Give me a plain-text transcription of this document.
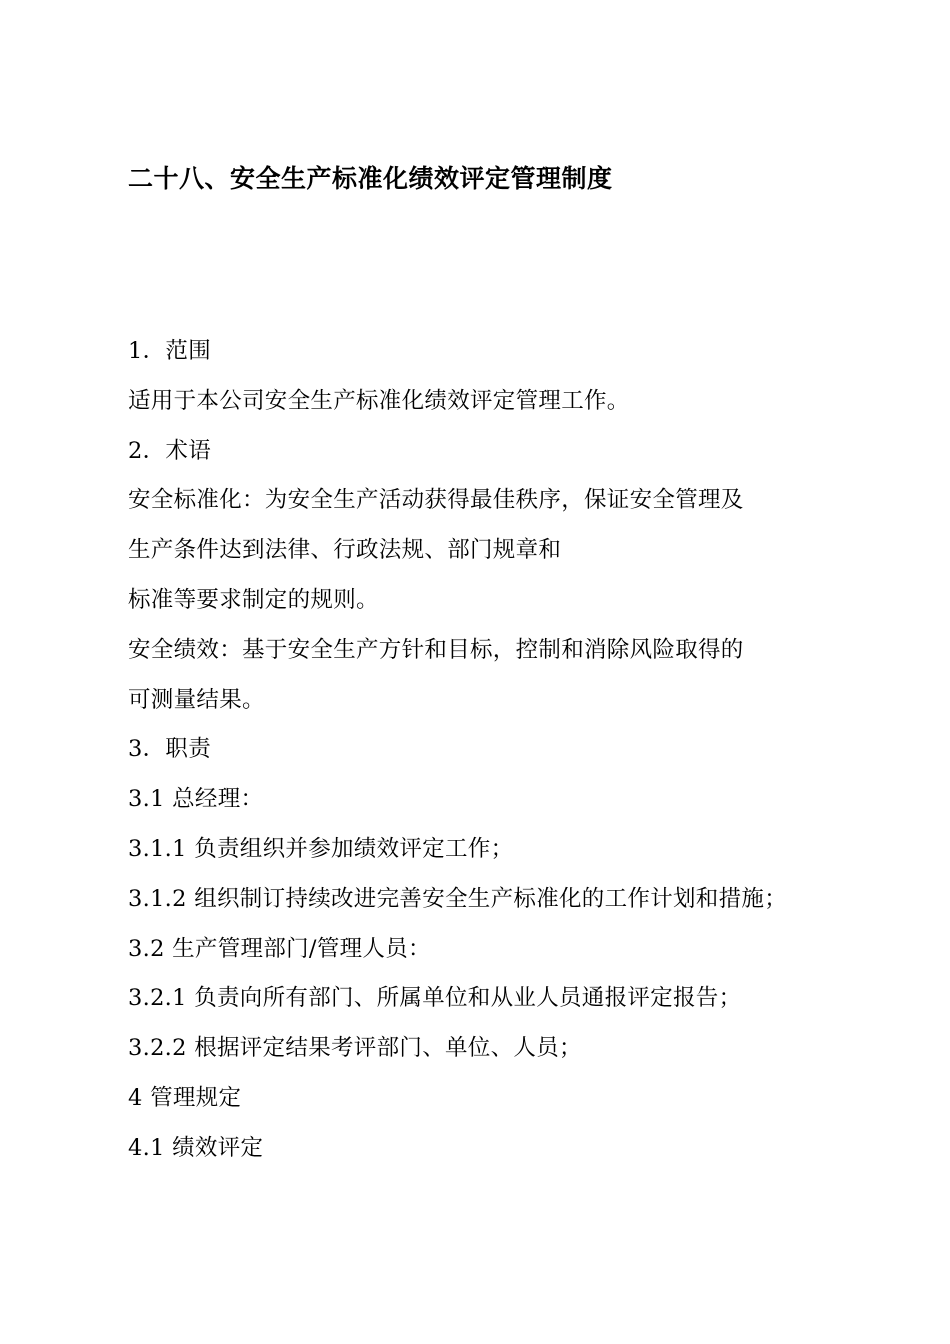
二十八、安全生产标准化绩效评定管理制度
1．范围
适用于本公司安全生产标准化绩效评定管理工作。
2．术语
安全标准化：为安全生产活动获得最佳秩序，保证安全管理及
生产条件达到法律、行政法规、部门规章和
标准等要求制定的规则。
安全绩效：基于安全生产方针和目标，控制和消除风险取得的
可测量结果。
3．职责
3.1 总经理：
3.1.1 负责组织并参加绩效评定工作；
3.1.2 组织制订持续改进完善安全生产标准化的工作计划和措施；
3.2 生产管理部门/管理人员：
3.2.1 负责向所有部门、所属单位和从业人员通报评定报告；
3.2.2 根据评定结果考评部门、单位、人员；
4 管理规定
4.1 绩效评定
